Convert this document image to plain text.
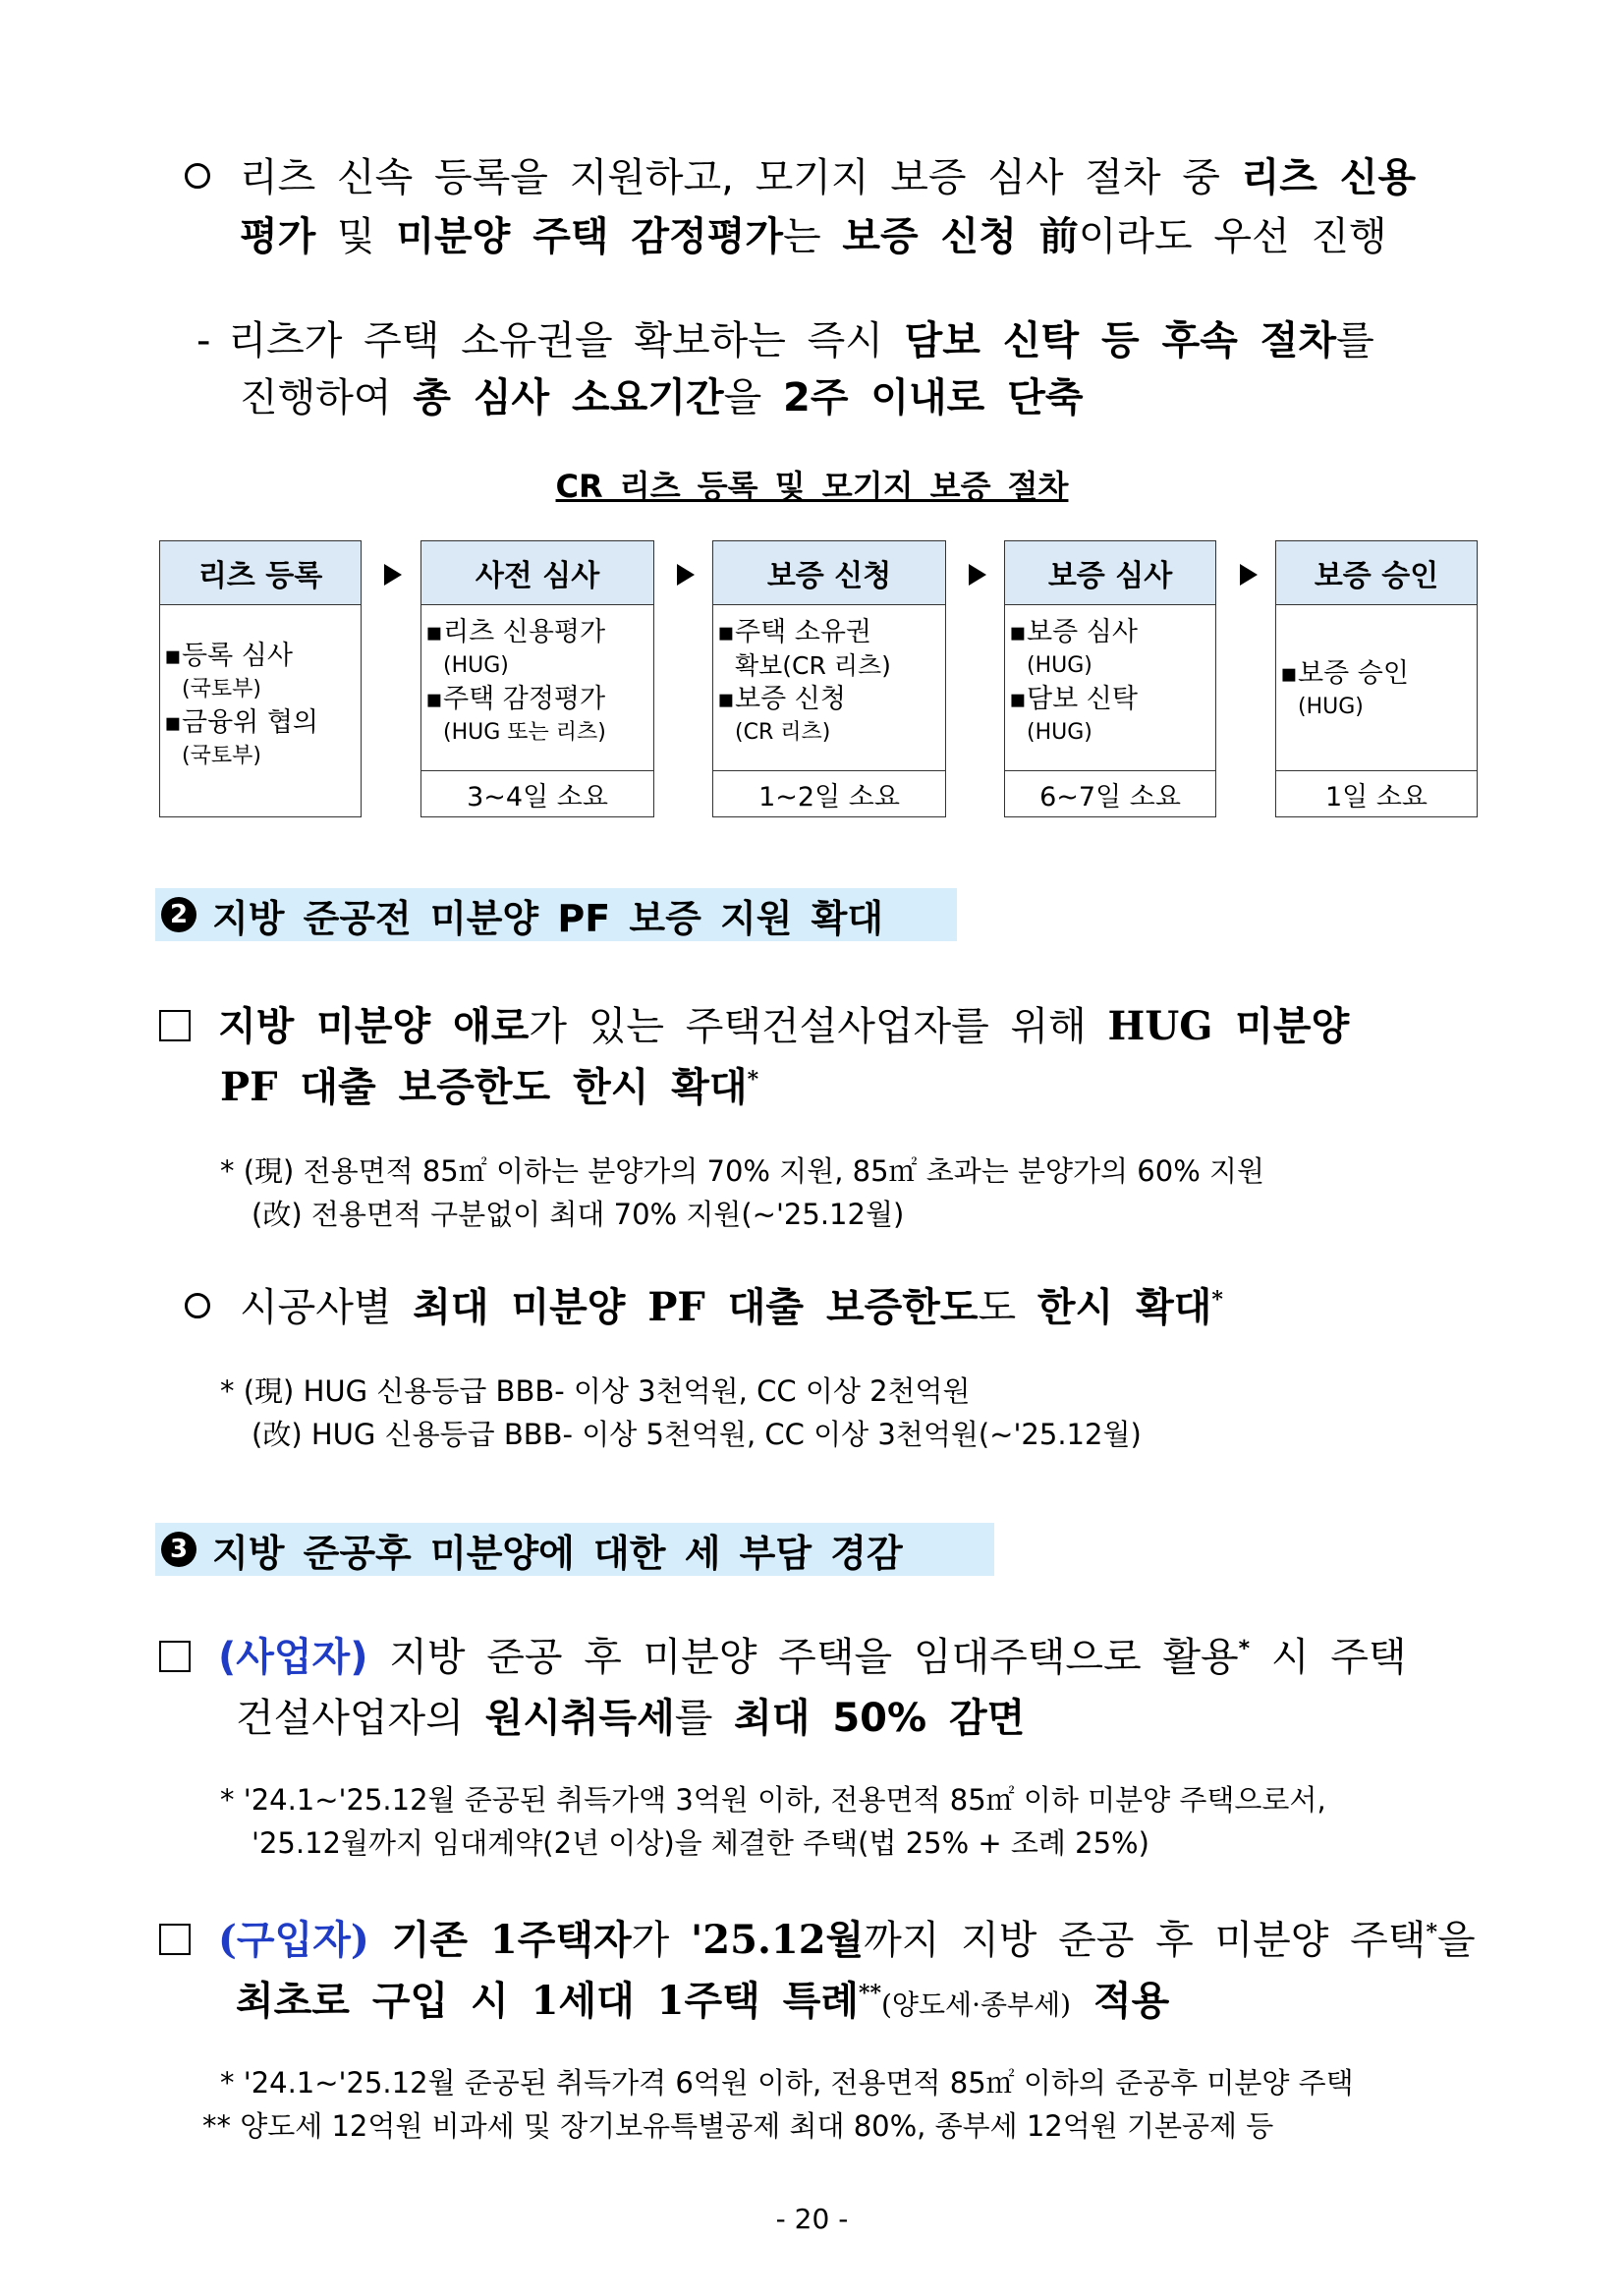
리츠 신속 등록을 지원하고, 모기지 보증 심사 절차 중 리츠 신용
평가 및 미분양 주택 감정평가는 보증 신청 前이라도 우선 진행
- 리츠가 주택 소유권을 확보하는 즉시 담보 신탁 등 후속 절차를
진행하여 총 심사 소요기간을 2주 이내로 단축
CR 리츠 등록 및 모기지 보증 절차
리츠 등록
▪ 등록 심사
(국토부)
▪ 금융위 협의
(국토부)
사전 심사
▪ 리츠 신용평가
(HUG)
▪ 주택 감정평가
(HUG 또는 리츠)
3~4일 소요
보증 신청
▪ 주택 소유권
확보(CR 리츠)
▪ 보증 신청
(CR 리츠)
1~2일 소요
보증 심사
▪ 보증 심사
(HUG)
▪ 담보 신탁
(HUG)
6~7일 소요
보증 승인
▪ 보증 승인
(HUG)
1일 소요
2 지방 준공전 미분양 PF 보증 지원 확대
지방 미분양 애로가 있는 주택건설사업자를 위해 HUG 미분양
PF 대출 보증한도 한시 확대*
* (現) 전용면적 85㎡ 이하는 분양가의 70% 지원, 85㎡ 초과는 분양가의 60% 지원
(改) 전용면적 구분없이 최대 70% 지원(~'25.12월)
시공사별 최대 미분양 PF 대출 보증한도도 한시 확대*
* (現) HUG 신용등급 BBB- 이상 3천억원, CC 이상 2천억원
(改) HUG 신용등급 BBB- 이상 5천억원, CC 이상 3천억원(~'25.12월)
3 지방 준공후 미분양에 대한 세 부담 경감
(사업자) 지방 준공 후 미분양 주택을 임대주택으로 활용* 시 주택
건설사업자의 원시취득세를 최대 50% 감면
* '24.1~'25.12월 준공된 취득가액 3억원 이하, 전용면적 85㎡ 이하 미분양 주택으로서,
'25.12월까지 임대계약(2년 이상)을 체결한 주택(법 25% + 조례 25%)
(구입자) 기존 1주택자가 '25.12월까지 지방 준공 후 미분양 주택*을
최초로 구입 시 1세대 1주택 특례**(양도세·종부세) 적용
* '24.1~'25.12월 준공된 취득가격 6억원 이하, 전용면적 85㎡ 이하의 준공후 미분양 주택
** 양도세 12억원 비과세 및 장기보유특별공제 최대 80%, 종부세 12억원 기본공제 등
- 20 -
